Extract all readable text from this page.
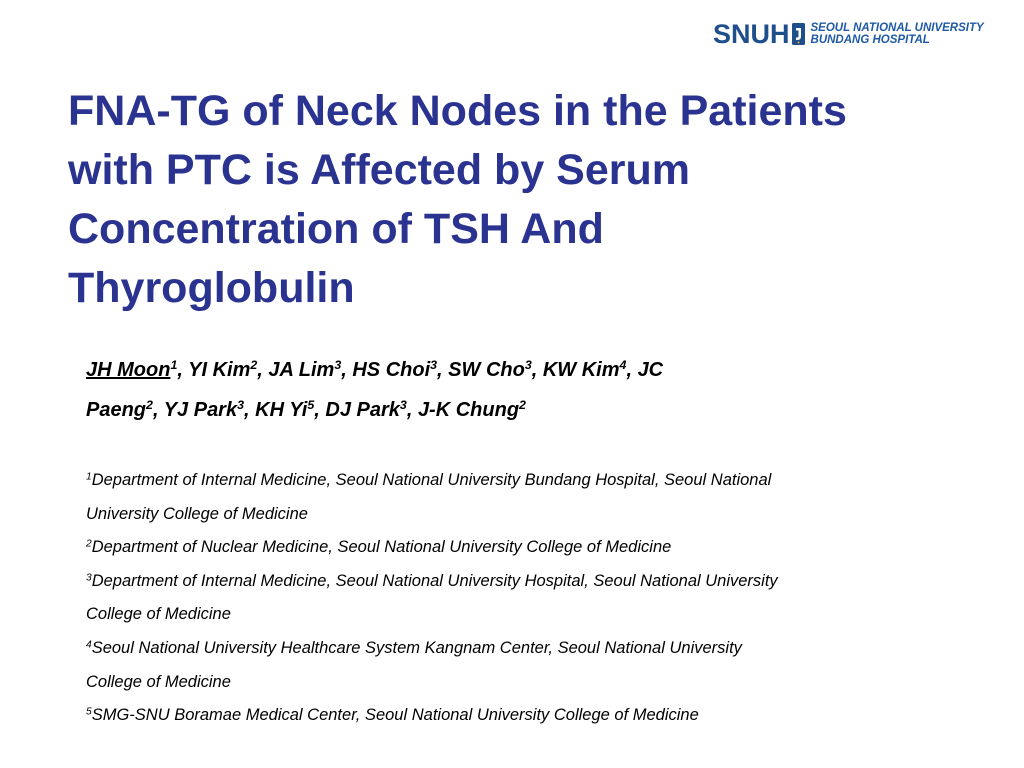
SNUH SEOUL NATIONAL UNIVERSITY
BUNDANG HOSPITAL
FNA-TG of Neck Nodes in the Patients
with PTC is Affected by Serum
Concentration of TSH And
Thyroglobulin
JH Moon$^1$, YI Kim$^2$, JA Lim$^3$, HS Choi$^3$, SW Cho$^3$, KW Kim$^4$, JC
Paeng$^2$, YJ Park$^3$, KH Yi$^5$, DJ Park$^3$, J-K Chung$^2$
$^1$Department of Internal Medicine, Seoul National University Bundang Hospital, Seoul National
University College of Medicine
$^2$Department of Nuclear Medicine, Seoul National University College of Medicine
$^3$Department of Internal Medicine, Seoul National University Hospital, Seoul National University
College of Medicine
$^4$Seoul National University Healthcare System Kangnam Center, Seoul National University
College of Medicine
$^5$SMG-SNU Boramae Medical Center, Seoul National University College of Medicine
